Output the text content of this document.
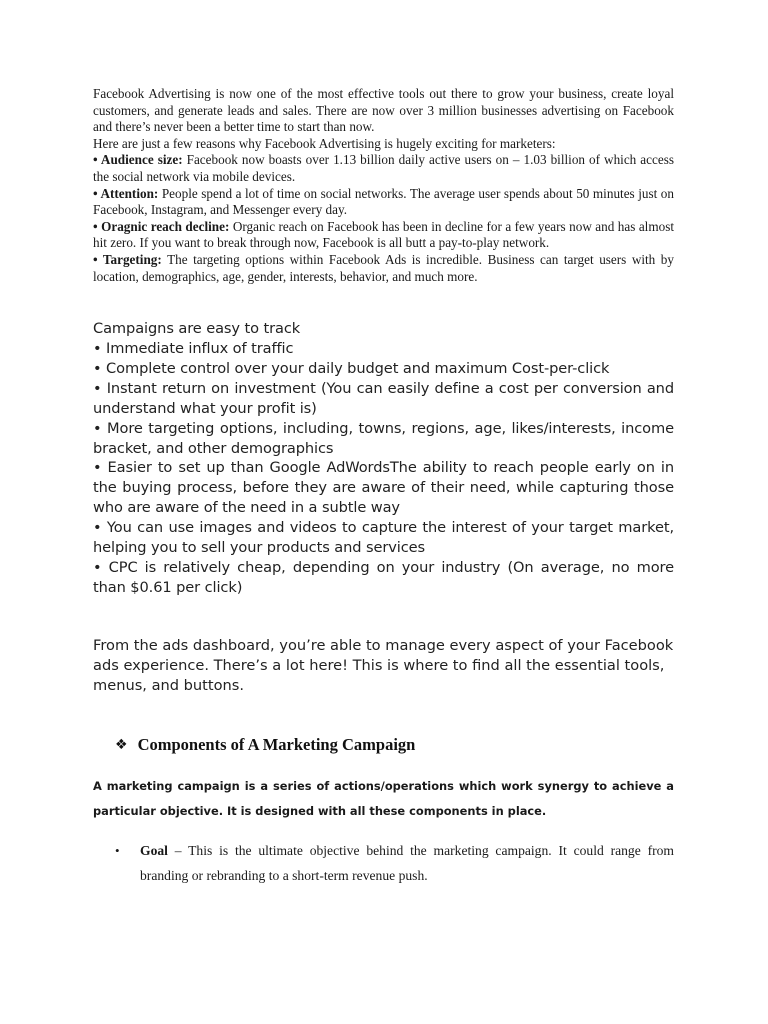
Facebook Advertising is now one of the most effective tools out there to grow your business, create loyal customers, and generate leads and sales. There are now over 3 million businesses advertising on Facebook and there’s never been a better time to start than now.

Here are just a few reasons why Facebook Advertising is hugely exciting for marketers:

• Audience size: Facebook now boasts over 1.13 billion daily active users on – 1.03 billion of which access the social network via mobile devices.

• Attention: People spend a lot of time on social networks. The average user spends about 50 minutes just on Facebook, Instagram, and Messenger every day.

• Oragnic reach decline: Organic reach on Facebook has been in decline for a few years now and has almost hit zero. If you want to break through now, Facebook is all butt a pay-to-play network.

• Targeting: The targeting options within Facebook Ads is incredible. Business can target users with by location, demographics, age, gender, interests, behavior, and much more.

Campaigns are easy to track

• Immediate influx of traffic

• Complete control over your daily budget and maximum Cost-per-click

• Instant return on investment (You can easily define a cost per conversion and understand what your profit is)

• More targeting options, including, towns, regions, age, likes/interests, income bracket, and other demographics

• Easier to set up than Google AdWordsThe ability to reach people early on in the buying process, before they are aware of their need, while capturing those who are aware of the need in a subtle way

• You can use images and videos to capture the interest of your target market, helping you to sell your products and services

• CPC is relatively cheap, depending on your industry (On average, no more than $0.61 per click)

From the ads dashboard, you’re able to manage every aspect of your Facebook ads experience. There’s a lot here! This is where to find all the essential tools, menus, and buttons.

❖ Components of A Marketing Campaign

A marketing campaign is a series of actions/operations which work synergy to achieve a particular objective. It is designed with all these components in place.

•	Goal – This is the ultimate objective behind the marketing campaign. It could range from branding or rebranding to a short-term revenue push.
